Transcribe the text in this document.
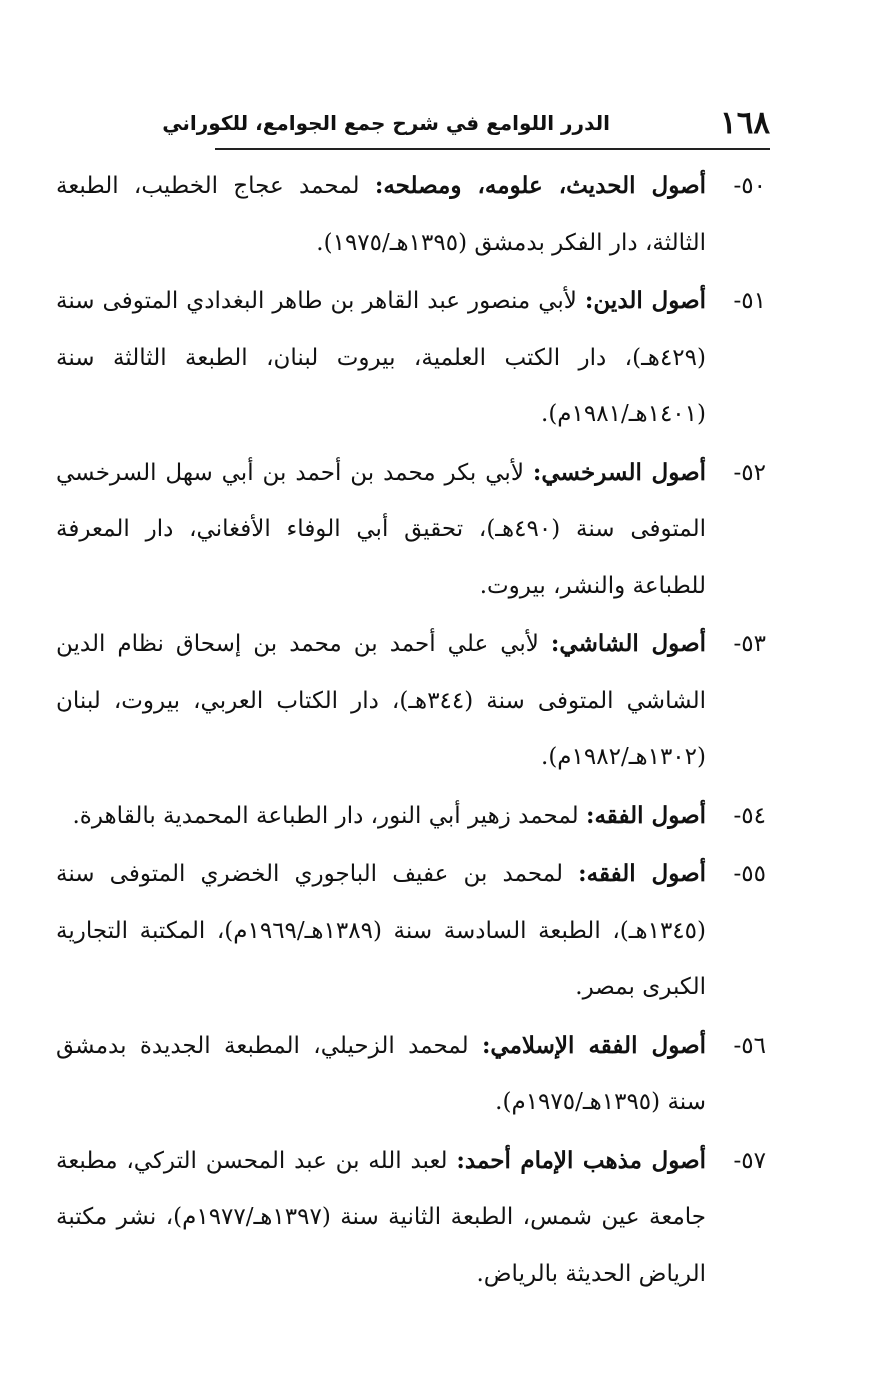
١٦٨
الدرر اللوامع في شرح جمع الجوامع، للكوراني
٥٠-
أصول الحديث، علومه، ومصلحه: لمحمد عجاج الخطيب، الطبعة الثالثة، دار الفكر بدمشق (١٣٩٥هـ/١٩٧٥).
٥١-
أصول الدين: لأبي منصور عبد القاهر بن طاهر البغدادي المتوفى سنة (٤٢٩هـ)، دار الكتب العلمية، بيروت لبنان، الطبعة الثالثة سنة (١٤٠١هـ/١٩٨١م).
٥٢-
أصول السرخسي: لأبي بكر محمد بن أحمد بن أبي سهل السرخسي المتوفى سنة (٤٩٠هـ)، تحقيق أبي الوفاء الأفغاني، دار المعرفة للطباعة والنشر، بيروت.
٥٣-
أصول الشاشي: لأبي علي أحمد بن محمد بن إسحاق نظام الدين الشاشي المتوفى سنة (٣٤٤هـ)، دار الكتاب العربي، بيروت، لبنان (١٣٠٢هـ/١٩٨٢م).
٥٤-
أصول الفقه: لمحمد زهير أبي النور، دار الطباعة المحمدية بالقاهرة.
٥٥-
أصول الفقه: لمحمد بن عفيف الباجوري الخضري المتوفى سنة (١٣٤٥هـ)، الطبعة السادسة سنة (١٣٨٩هـ/١٩٦٩م)، المكتبة التجارية الكبرى بمصر.
٥٦-
أصول الفقه الإسلامي: لمحمد الزحيلي، المطبعة الجديدة بدمشق سنة (١٣٩٥هـ/١٩٧٥م).
٥٧-
أصول مذهب الإمام أحمد: لعبد الله بن عبد المحسن التركي، مطبعة جامعة عين شمس، الطبعة الثانية سنة (١٣٩٧هـ/١٩٧٧م)، نشر مكتبة الرياض الحديثة بالرياض.
